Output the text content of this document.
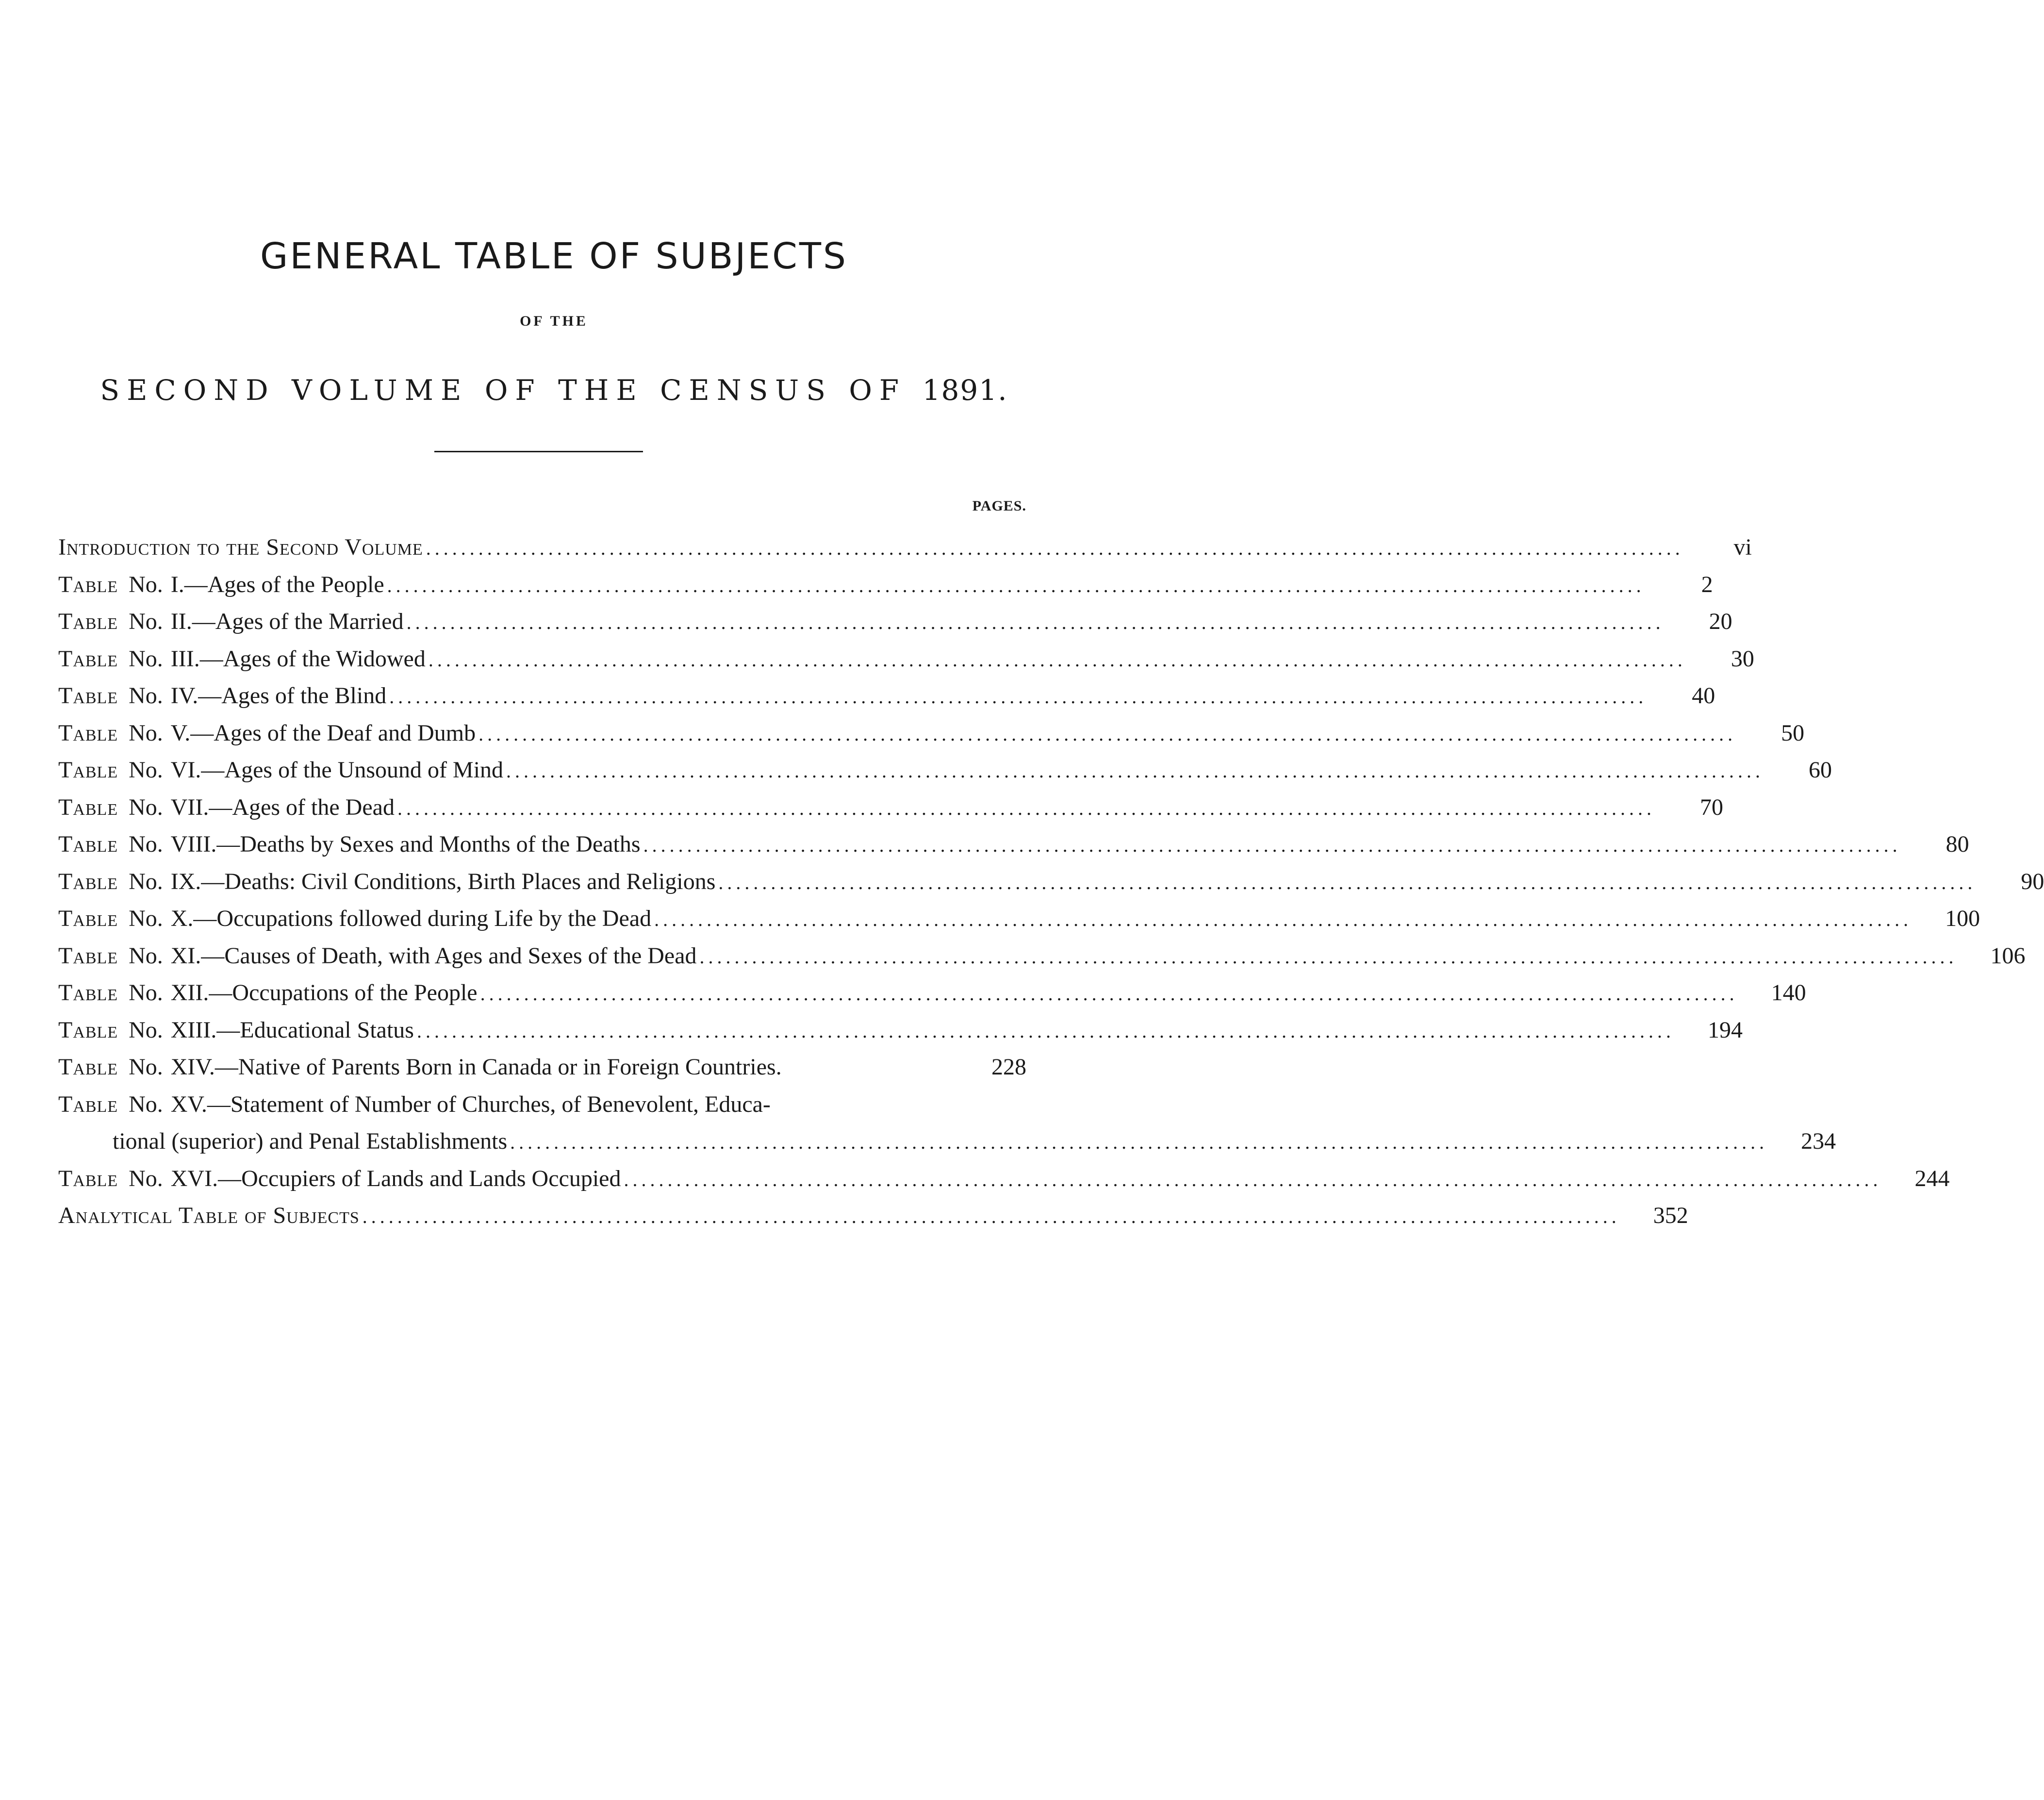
GENERAL TABLE OF SUBJECTS
OF THE
SECOND VOLUME OF THE CENSUS OF 1891.
PAGES.
Introduction to the Second Volume ................................................................................................................................................	vi
Table No. I.—Ages of the People ................................................................................................................................................	2
Table No. II.—Ages of the Married ................................................................................................................................................	20
Table No. III.—Ages of the Widowed ................................................................................................................................................	30
Table No. IV.—Ages of the Blind ................................................................................................................................................	40
Table No. V.—Ages of the Deaf and Dumb ................................................................................................................................................	50
Table No. VI.—Ages of the Unsound of Mind ................................................................................................................................................	60
Table No. VII.—Ages of the Dead ................................................................................................................................................	70
Table No. VIII.—Deaths by Sexes and Months of the Deaths ................................................................................................................................................	80
Table No. IX.—Deaths: Civil Conditions, Birth Places and Religions ................................................................................................................................................	90
Table No. X.—Occupations followed during Life by the Dead ................................................................................................................................................	100
Table No. XI.—Causes of Death, with Ages and Sexes of the Dead ................................................................................................................................................	106
Table No. XII.—Occupations of the People ................................................................................................................................................	140
Table No. XIII.—Educational Status ................................................................................................................................................	194
Table No. XIV.—Native of Parents Born in Canada or in Foreign Countries.	228
Table No. XV.—Statement of Number of Churches, of Benevolent, Educa-
tional (superior) and Penal Establishments ................................................................................................................................................	234
Table No. XVI.—Occupiers of Lands and Lands Occupied ................................................................................................................................................	244
Analytical Table of Subjects ................................................................................................................................................	352
